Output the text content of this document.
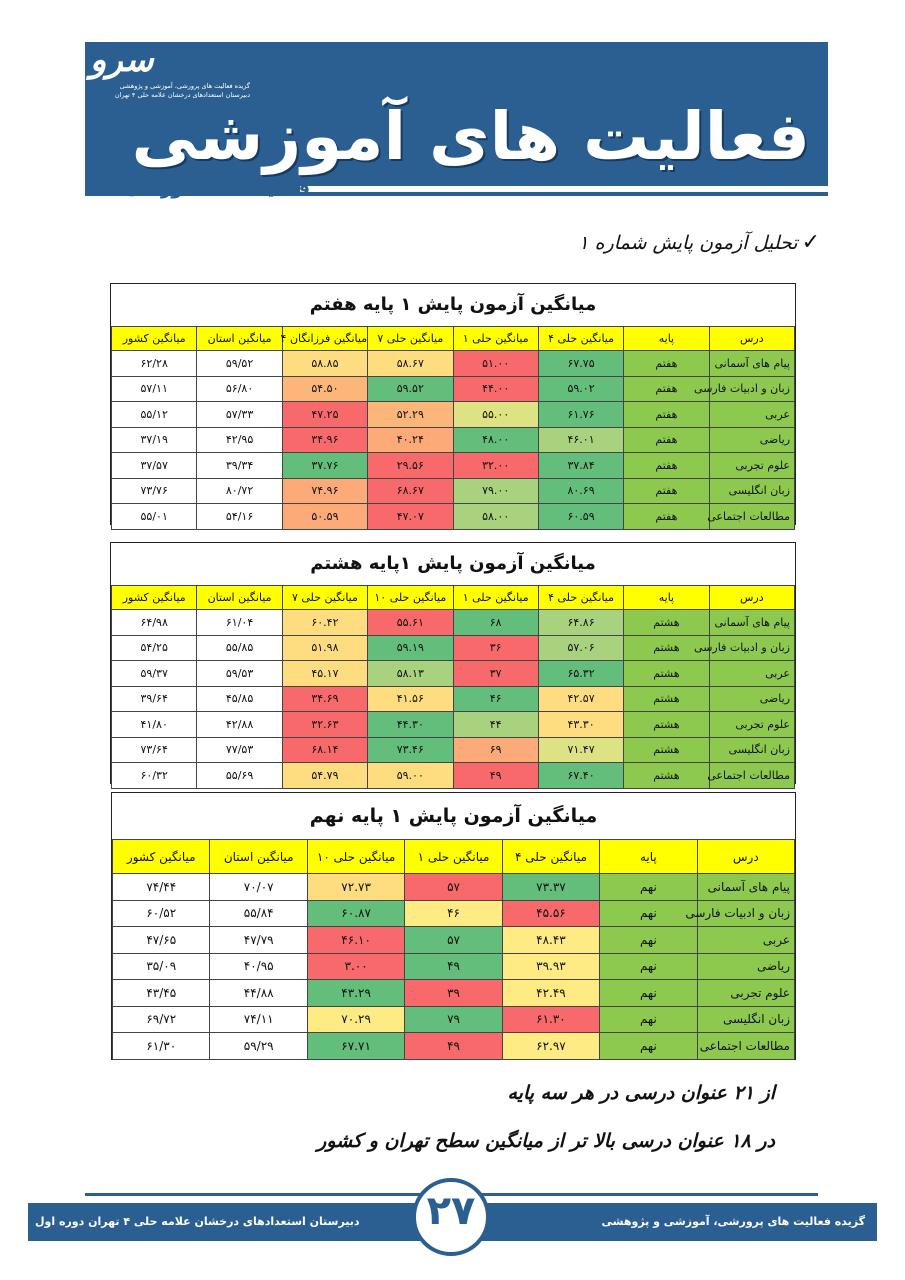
سرو
گزیده فعالیت های پرورشی، آموزشی و پژوهشی
دبیرستان استعدادهای درخشان علامه حلی ۴ تهران
فعالیت های آموزشی
فعالیت های آموزشی
✓تحلیل آزمون پایش شماره ۱
میانگین آزمون پایش ۱ پایه هفتم
درس	پایه	میانگین حلی ۴	میانگین حلی ۱	میانگین حلی ۷	میانگین فرزانگان ۴	میانگین استان	میانگین کشور
پیام های آسمانی	هفتم	۶۷.۷۵	۵۱.۰۰	۵۸.۶۷	۵۸.۸۵	۵۹/۵۲	۶۲/۲۸
زبان و ادبیات فارسی	هفتم	۵۹.۰۲	۴۴.۰۰	۵۹.۵۲	۵۴.۵۰	۵۶/۸۰	۵۷/۱۱
عربی	هفتم	۶۱.۷۶	۵۵.۰۰	۵۲.۲۹	۴۷.۲۵	۵۷/۳۳	۵۵/۱۲
ریاضی	هفتم	۴۶.۰۱	۴۸.۰۰	۴۰.۲۴	۳۴.۹۶	۴۲/۹۵	۳۷/۱۹
علوم تجربی	هفتم	۳۷.۸۴	۳۲.۰۰	۲۹.۵۶	۳۷.۷۶	۳۹/۳۴	۳۷/۵۷
زبان انگلیسی	هفتم	۸۰.۶۹	۷۹.۰۰	۶۸.۶۷	۷۴.۹۶	۸۰/۷۲	۷۳/۷۶
مطالعات اجتماعی	هفتم	۶۰.۵۹	۵۸.۰۰	۴۷.۰۷	۵۰.۵۹	۵۴/۱۶	۵۵/۰۱
میانگین آزمون پایش ۱پایه هشتم
درس	پایه	میانگین حلی ۴	میانگین حلی ۱	میانگین حلی ۱۰	میانگین حلی ۷	میانگین استان	میانگین کشور
پیام های آسمانی	هشتم	۶۴.۸۶	۶۸	۵۵.۶۱	۶۰.۴۲	۶۱/۰۴	۶۴/۹۸
زبان و ادبیات فارسی	هشتم	۵۷.۰۶	۳۶	۵۹.۱۹	۵۱.۹۸	۵۵/۸۵	۵۴/۲۵
عربی	هشتم	۶۵.۳۲	۳۷	۵۸.۱۳	۴۵.۱۷	۵۹/۵۳	۵۹/۳۷
ریاضی	هشتم	۴۲.۵۷	۴۶	۴۱.۵۶	۳۴.۶۹	۴۵/۸۵	۳۹/۶۴
علوم تجربی	هشتم	۴۳.۳۰	۴۴	۴۴.۳۰	۳۲.۶۳	۴۲/۸۸	۴۱/۸۰
زبان انگلیسی	هشتم	۷۱.۴۷	۶۹	۷۳.۴۶	۶۸.۱۴	۷۷/۵۳	۷۳/۶۴
مطالعات اجتماعی	هشتم	۶۷.۴۰	۴۹	۵۹.۰۰	۵۴.۷۹	۵۵/۶۹	۶۰/۳۲
میانگین آزمون پایش ۱ پایه نهم
درس	پایه	میانگین حلی ۴	میانگین حلی ۱	میانگین حلی ۱۰	میانگین استان	میانگین کشور
پیام های آسمانی	نهم	۷۳.۳۷	۵۷	۷۲.۷۳	۷۰/۰۷	۷۴/۴۴
زبان و ادبیات فارسی	نهم	۴۵.۵۶	۴۶	۶۰.۸۷	۵۵/۸۴	۶۰/۵۲
عربی	نهم	۴۸.۴۳	۵۷	۴۶.۱۰	۴۷/۷۹	۴۷/۶۵
ریاضی	نهم	۳۹.۹۳	۴۹	۳.۰۰	۴۰/۹۵	۳۵/۰۹
علوم تجربی	نهم	۴۲.۴۹	۳۹	۴۳.۲۹	۴۴/۸۸	۴۳/۴۵
زبان انگلیسی	نهم	۶۱.۳۰	۷۹	۷۰.۲۹	۷۴/۱۱	۶۹/۷۲
مطالعات اجتماعی	نهم	۶۲.۹۷	۴۹	۶۷.۷۱	۵۹/۲۹	۶۱/۳۰
از ۲۱ عنوان درسی در هر سه پایه
در ۱۸ عنوان درسی بالا تر از میانگین سطح تهران و کشور
دبیرستان استعدادهای درخشان علامه حلی ۴ تهران دوره اول	گزیده فعالیت های پرورشی، آموزشی و پژوهشی
۲۷
